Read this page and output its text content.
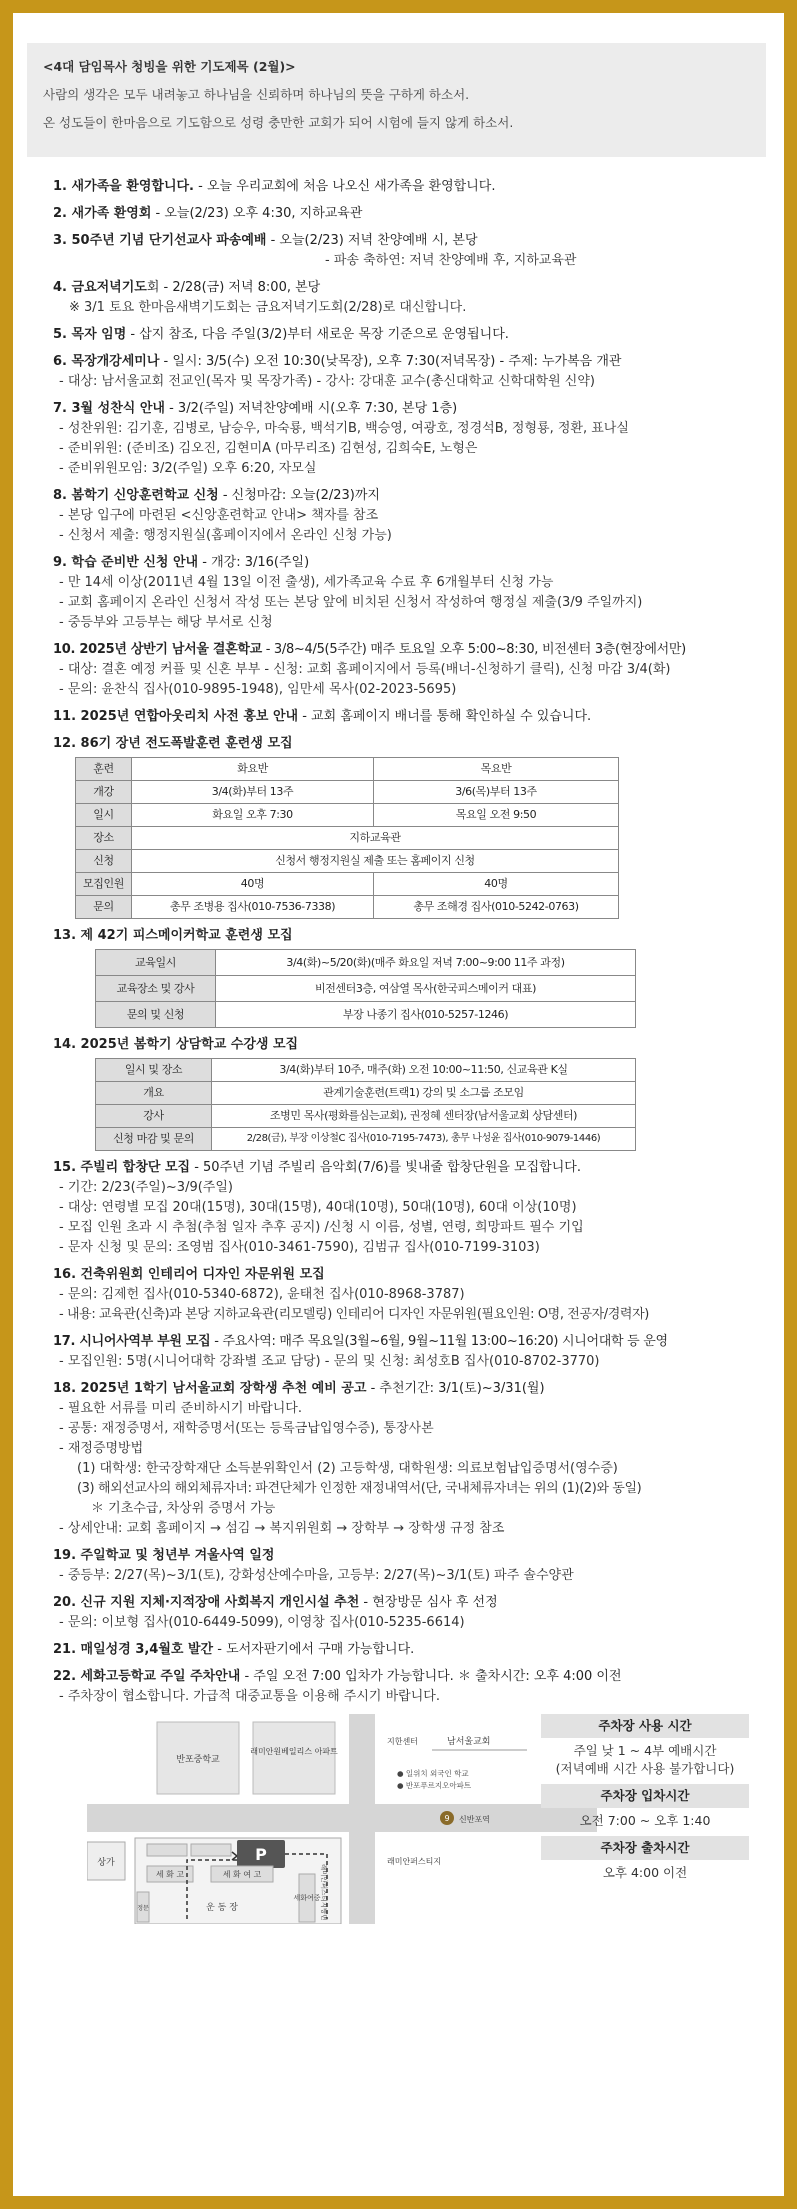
<4대 담임목사 청빙을 위한 기도제목 (2월)>
사람의 생각은 모두 내려놓고 하나님을 신뢰하며 하나님의 뜻을 구하게 하소서.
온 성도들이 한마음으로 기도함으로 성령 충만한 교회가 되어 시험에 들지 않게 하소서.
1. 새가족을 환영합니다. - 오늘 우리교회에 처음 나오신 새가족을 환영합니다.
2. 새가족 환영회 - 오늘(2/23) 오후 4:30, 지하교육관
3. 50주년 기념 단기선교사 파송예배 - 오늘(2/23) 저녁 찬양예배 시, 본당
- 파송 축하연: 저녁 찬양예배 후, 지하교육관
4. 금요저녁기도회 - 2/28(금) 저녁 8:00, 본당
※ 3/1 토요 한마음새벽기도회는 금요저녁기도회(2/28)로 대신합니다.
5. 목자 임명 - 삽지 참조, 다음 주일(3/2)부터 새로운 목장 기준으로 운영됩니다.
6. 목장개강세미나 - 일시: 3/5(수) 오전 10:30(낮목장), 오후 7:30(저녁목장) - 주제: 누가복음 개관
- 대상: 남서울교회 전교인(목자 및 목장가족) - 강사: 강대훈 교수(총신대학교 신학대학원 신약)
7. 3월 성찬식 안내 - 3/2(주일) 저녁찬양예배 시(오후 7:30, 본당 1층)
- 성찬위원: 김기훈, 김병로, 남승우, 마숙룡, 백석기B, 백승영, 여광호, 정경석B, 정형룡, 정환, 표나실
- 준비위원: (준비조) 김오진, 김현미A (마무리조) 김현성, 김희숙E, 노형은
- 준비위원모임: 3/2(주일) 오후 6:20, 자모실
8. 봄학기 신앙훈련학교 신청 - 신청마감: 오늘(2/23)까지
- 본당 입구에 마련된 <신앙훈련학교 안내> 책자를 참조
- 신청서 제출: 행정지원실(홈페이지에서 온라인 신청 가능)
9. 학습 준비반 신청 안내 - 개강: 3/16(주일)
- 만 14세 이상(2011년 4월 13일 이전 출생), 세가족교육 수료 후 6개월부터 신청 가능
- 교회 홈페이지 온라인 신청서 작성 또는 본당 앞에 비치된 신청서 작성하여 행정실 제출(3/9 주일까지)
- 중등부와 고등부는 해당 부서로 신청
10. 2025년 상반기 남서울 결혼학교 - 3/8~4/5(5주간) 매주 토요일 오후 5:00~8:30, 비전센터 3층(현장에서만)
- 대상: 결혼 예정 커플 및 신혼 부부 - 신청: 교회 홈페이지에서 등록(배너-신청하기 클릭), 신청 마감 3/4(화)
- 문의: 윤찬식 집사(010-9895-1948), 임만세 목사(02-2023-5695)
11. 2025년 연합아웃리치 사전 홍보 안내 - 교회 홈페이지 배너를 통해 확인하실 수 있습니다.
12. 86기 장년 전도폭발훈련 훈련생 모집
훈련	화요반	목요반
개강	3/4(화)부터 13주	3/6(목)부터 13주
일시	화요일 오후 7:30	목요일 오전 9:50
장소	지하교육관	
신청	신청서 행정지원실 제출 또는 홈페이지 신청	
모집인원	40명	40명
문의	총무 조병용 집사(010-7536-7338)	총무 조해경 집사(010-5242-0763)
13. 제 42기 피스메이커학교 훈련생 모집
교육일시	3/4(화)~5/20(화)(매주 화요일 저녁 7:00~9:00 11주 과정)
교육장소 및 강사	비전센터3층, 여삼열 목사(한국피스메이커 대표)
문의 및 신청	부장 나종기 집사(010-5257-1246)
14. 2025년 봄학기 상담학교 수강생 모집
일시 및 장소	3/4(화)부터 10주, 매주(화) 오전 10:00~11:50, 신교육관 K실
개요	관계기술훈련(트랙1) 강의 및 소그룹 조모임
강사	조병민 목사(평화를심는교회), 권정혜 센터장(남서울교회 상담센터)
신청 마감 및 문의	2/28(금), 부장 이상철C 집사(010-7195-7473), 총무 나성윤 집사(010-9079-1446)
15. 주빌리 합창단 모집 - 50주년 기념 주빌리 음악회(7/6)를 빛내줄 합창단원을 모집합니다.
- 기간: 2/23(주일)~3/9(주일)
- 대상: 연령별 모집 20대(15명), 30대(15명), 40대(10명), 50대(10명), 60대 이상(10명)
- 모집 인원 초과 시 추첨(추첨 일자 추후 공지) /신청 시 이름, 성별, 연령, 희망파트 필수 기입
- 문자 신청 및 문의: 조영범 집사(010-3461-7590), 김범규 집사(010-7199-3103)
16. 건축위원회 인테리어 디자인 자문위원 모집
- 문의: 김제헌 집사(010-5340-6872), 윤태천 집사(010-8968-3787)
- 내용: 교육관(신축)과 본당 지하교육관(리모델링) 인테리어 디자인 자문위원(필요인원: O명, 전공자/경력자)
17. 시니어사역부 부원 모집 - 주요사역: 매주 목요일(3월~6월, 9월~11월 13:00~16:20) 시니어대학 등 운영
- 모집인원: 5명(시니어대학 강좌별 조교 담당) - 문의 및 신청: 최성호B 집사(010-8702-3770)
18. 2025년 1학기 남서울교회 장학생 추천 예비 공고 - 추천기간: 3/1(토)~3/31(월)
- 필요한 서류를 미리 준비하시기 바랍니다.
- 공통: 재정증명서, 재학증명서(또는 등록금납입영수증), 통장사본
- 재정증명방법
(1) 대학생: 한국장학재단 소득분위확인서 (2) 고등학생, 대학원생: 의료보험납입증명서(영수증)
(3) 해외선교사의 해외체류자녀: 파견단체가 인정한 재정내역서(단, 국내체류자녀는 위의 (1)(2)와 동일)
＊ 기초수급, 차상위 증명서 가능
- 상세안내: 교회 홈페이지 → 섬김 → 복지위원회 → 장학부 → 장학생 규정 참조
19. 주일학교 및 청년부 겨울사역 일정
- 중등부: 2/27(목)~3/1(토), 강화성산예수마을, 고등부: 2/27(목)~3/1(토) 파주 솔수양관
20. 신규 지원 지체·지적장애 사회복지 개인시설 추천 - 현장방문 심사 후 선정
- 문의: 이보형 집사(010-6449-5099), 이영창 집사(010-5235-6614)
21. 매일성경 3,4월호 발간 - 도서자판기에서 구매 가능합니다.
22. 세화고등학교 주일 주차안내 - 주일 오전 7:00 입차가 가능합니다. ＊ 출차시간: 오후 4:00 이전
- 주차장이 협소합니다. 가급적 대중교통을 이용해 주시기 바랍니다.
반포중학교
래미안원베일리스 아파트
지한센터	남서울교회
● 일위치 외국인 학교
● 반포푸르지오아파트
9 신반포역
래미안퍼스티지
상가	P
세 화 고	세 화 여 고
운 동 장
세화여중
정문	래미안퍼스티지방면
주차장 사용 시간
주일 낮 1 ~ 4부 예배시간
(저녁예배 시간 사용 불가합니다)
주차장 입차시간
오전 7:00 ~ 오후 1:40
주차장 출차시간
오후 4:00 이전
